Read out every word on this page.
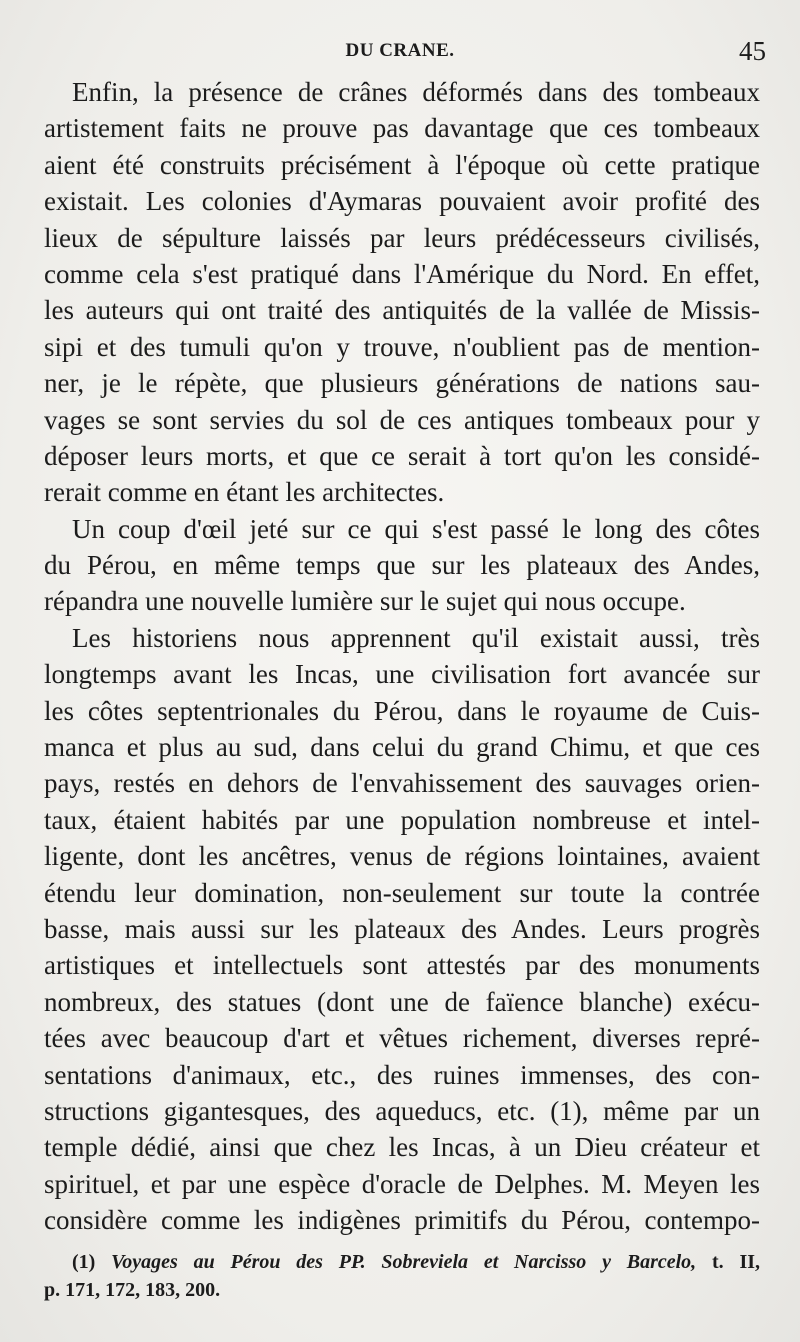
DU CRANE.	45
Enfin, la présence de crânes déformés dans des tombeaux
artistement faits ne prouve pas davantage que ces tombeaux
aient été construits précisément à l'époque où cette pratique
existait. Les colonies d'Aymaras pouvaient avoir profité des
lieux de sépulture laissés par leurs prédécesseurs civilisés,
comme cela s'est pratiqué dans l'Amérique du Nord. En effet,
les auteurs qui ont traité des antiquités de la vallée de Missis-
sipi et des tumuli qu'on y trouve, n'oublient pas de mention-
ner, je le répète, que plusieurs générations de nations sau-
vages se sont servies du sol de ces antiques tombeaux pour y
déposer leurs morts, et que ce serait à tort qu'on les considé-
rerait comme en étant les architectes.
Un coup d'œil jeté sur ce qui s'est passé le long des côtes
du Pérou, en même temps que sur les plateaux des Andes,
répandra une nouvelle lumière sur le sujet qui nous occupe.
Les historiens nous apprennent qu'il existait aussi, très
longtemps avant les Incas, une civilisation fort avancée sur
les côtes septentrionales du Pérou, dans le royaume de Cuis-
manca et plus au sud, dans celui du grand Chimu, et que ces
pays, restés en dehors de l'envahissement des sauvages orien-
taux, étaient habités par une population nombreuse et intel-
ligente, dont les ancêtres, venus de régions lointaines, avaient
étendu leur domination, non-seulement sur toute la contrée
basse, mais aussi sur les plateaux des Andes. Leurs progrès
artistiques et intellectuels sont attestés par des monuments
nombreux, des statues (dont une de faïence blanche) exécu-
tées avec beaucoup d'art et vêtues richement, diverses repré-
sentations d'animaux, etc., des ruines immenses, des con-
structions gigantesques, des aqueducs, etc. (1), même par un
temple dédié, ainsi que chez les Incas, à un Dieu créateur et
spirituel, et par une espèce d'oracle de Delphes. M. Meyen les
considère comme les indigènes primitifs du Pérou, contempo-
(1) Voyages au Pérou des PP. Sobreviela et Narcisso y Barcelo, t. II,
p. 171, 172, 183, 200.
